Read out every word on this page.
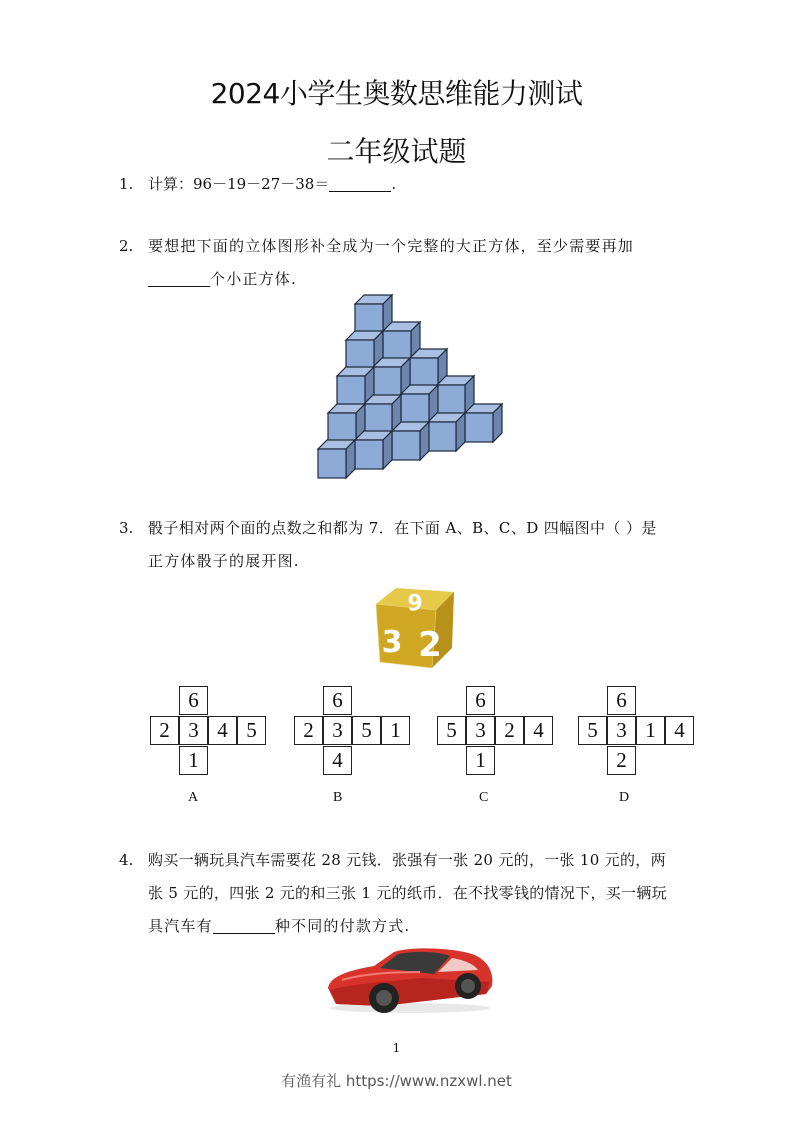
2024小学生奥数思维能力测试
二年级试题
1. 计算：96－19－27－38＝	.
2. 要想把下面的立体图形补全成为一个完整的大正方体，至少需要再加
个小正方体.
3. 骰子相对两个面的点数之和都为 7．在下面 A、B、C、D 四幅图中（ ）是
正方体骰子的展开图.
6
3 2
6
2 3 4 5
1
A
6
2 3 5 1
4
B
6
5 3 2 4
1
C
6
5 3 1 4
2
D
4. 购买一辆玩具汽车需要花 28 元钱．张强有一张 20 元的，一张 10 元的，两
张 5 元的，四张 2 元的和三张 1 元的纸币．在不找零钱的情况下，买一辆玩
具汽车有	种不同的付款方式.
1
有渔有礼 https://www.nzxwl.net
